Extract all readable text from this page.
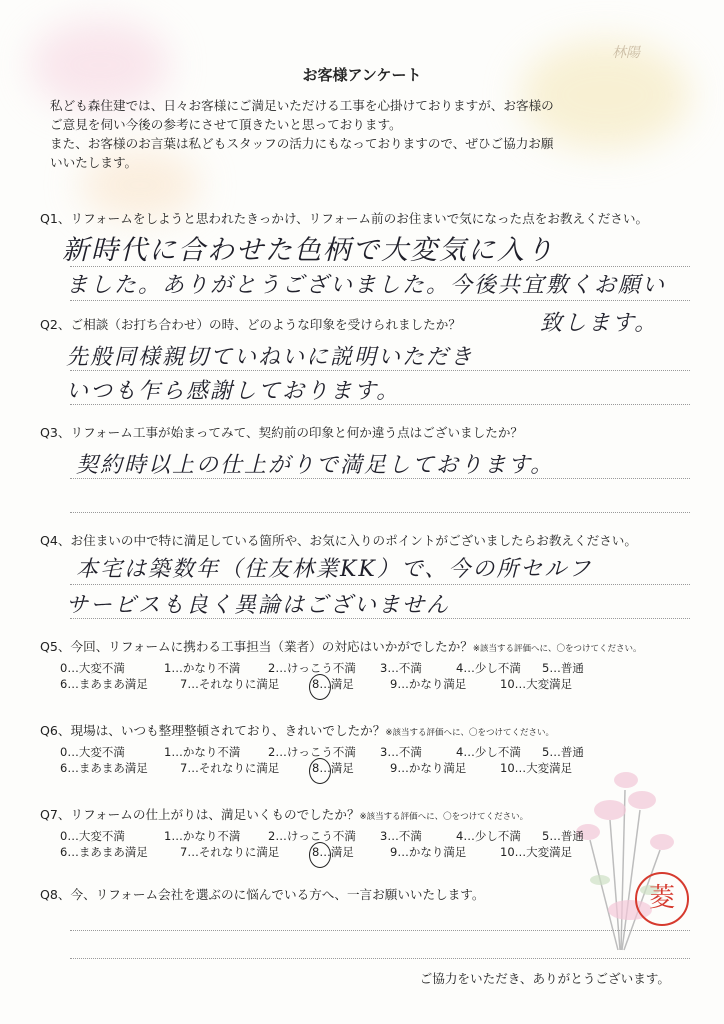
林陽
お客様アンケート
私ども森住建では、日々お客様にご満足いただける工事を心掛けておりますが、お客様の
ご意見を伺い今後の参考にさせて頂きたいと思っております。
また、お客様のお言葉は私どもスタッフの活力にもなっておりますので、ぜひご協力お願
いいたします。
Q1、リフォームをしようと思われたきっかけ、リフォーム前のお住まいで気になった点をお教えください。
新時代に合わせた色柄で大変気に入り
ました。ありがとうございました。今後共宜敷くお願い
致します。
Q2、ご相談（お打ち合わせ）の時、どのような印象を受けられましたか？
先般同様親切ていねいに説明いただき
いつも乍ら感謝しております。
Q3、リフォーム工事が始まってみて、契約前の印象と何か違う点はございましたか？
契約時以上の仕上がりで満足しております。
Q4、お住まいの中で特に満足している箇所や、お気に入りのポイントがございましたらお教えください。
本宅は築数年（住友林業KK）で、今の所セルフ
サービスも良く異論はございません
Q5、今回、リフォームに携わる工事担当（業者）の対応はいかがでしたか？※該当する評価へに、〇をつけてください。
0…大変不満	1…かなり不満 2…けっこう不満 3…不満	4…少し不満 5…普通
6…まあまあ満足	7…それなりに満足	8…満足	9…かなり満足	10…大変満足
Q6、現場は、いつも整理整頓されており、きれいでしたか？※該当する評価へに、〇をつけてください。
0…大変不満	1…かなり不満 2…けっこう不満 3…不満	4…少し不満 5…普通
6…まあまあ満足	7…それなりに満足	8…満足	9…かなり満足	10…大変満足
Q7、リフォームの仕上がりは、満足いくものでしたか？※該当する評価へに、〇をつけてください。
0…大変不満	1…かなり不満 2…けっこう不満 3…不満	4…少し不満 5…普通
6…まあまあ満足	7…それなりに満足	8…満足	9…かなり満足	10…大変満足
Q8、今、リフォーム会社を選ぶのに悩んでいる方へ、一言お願いいたします。	菱
ご協力をいただき、ありがとうございます。
